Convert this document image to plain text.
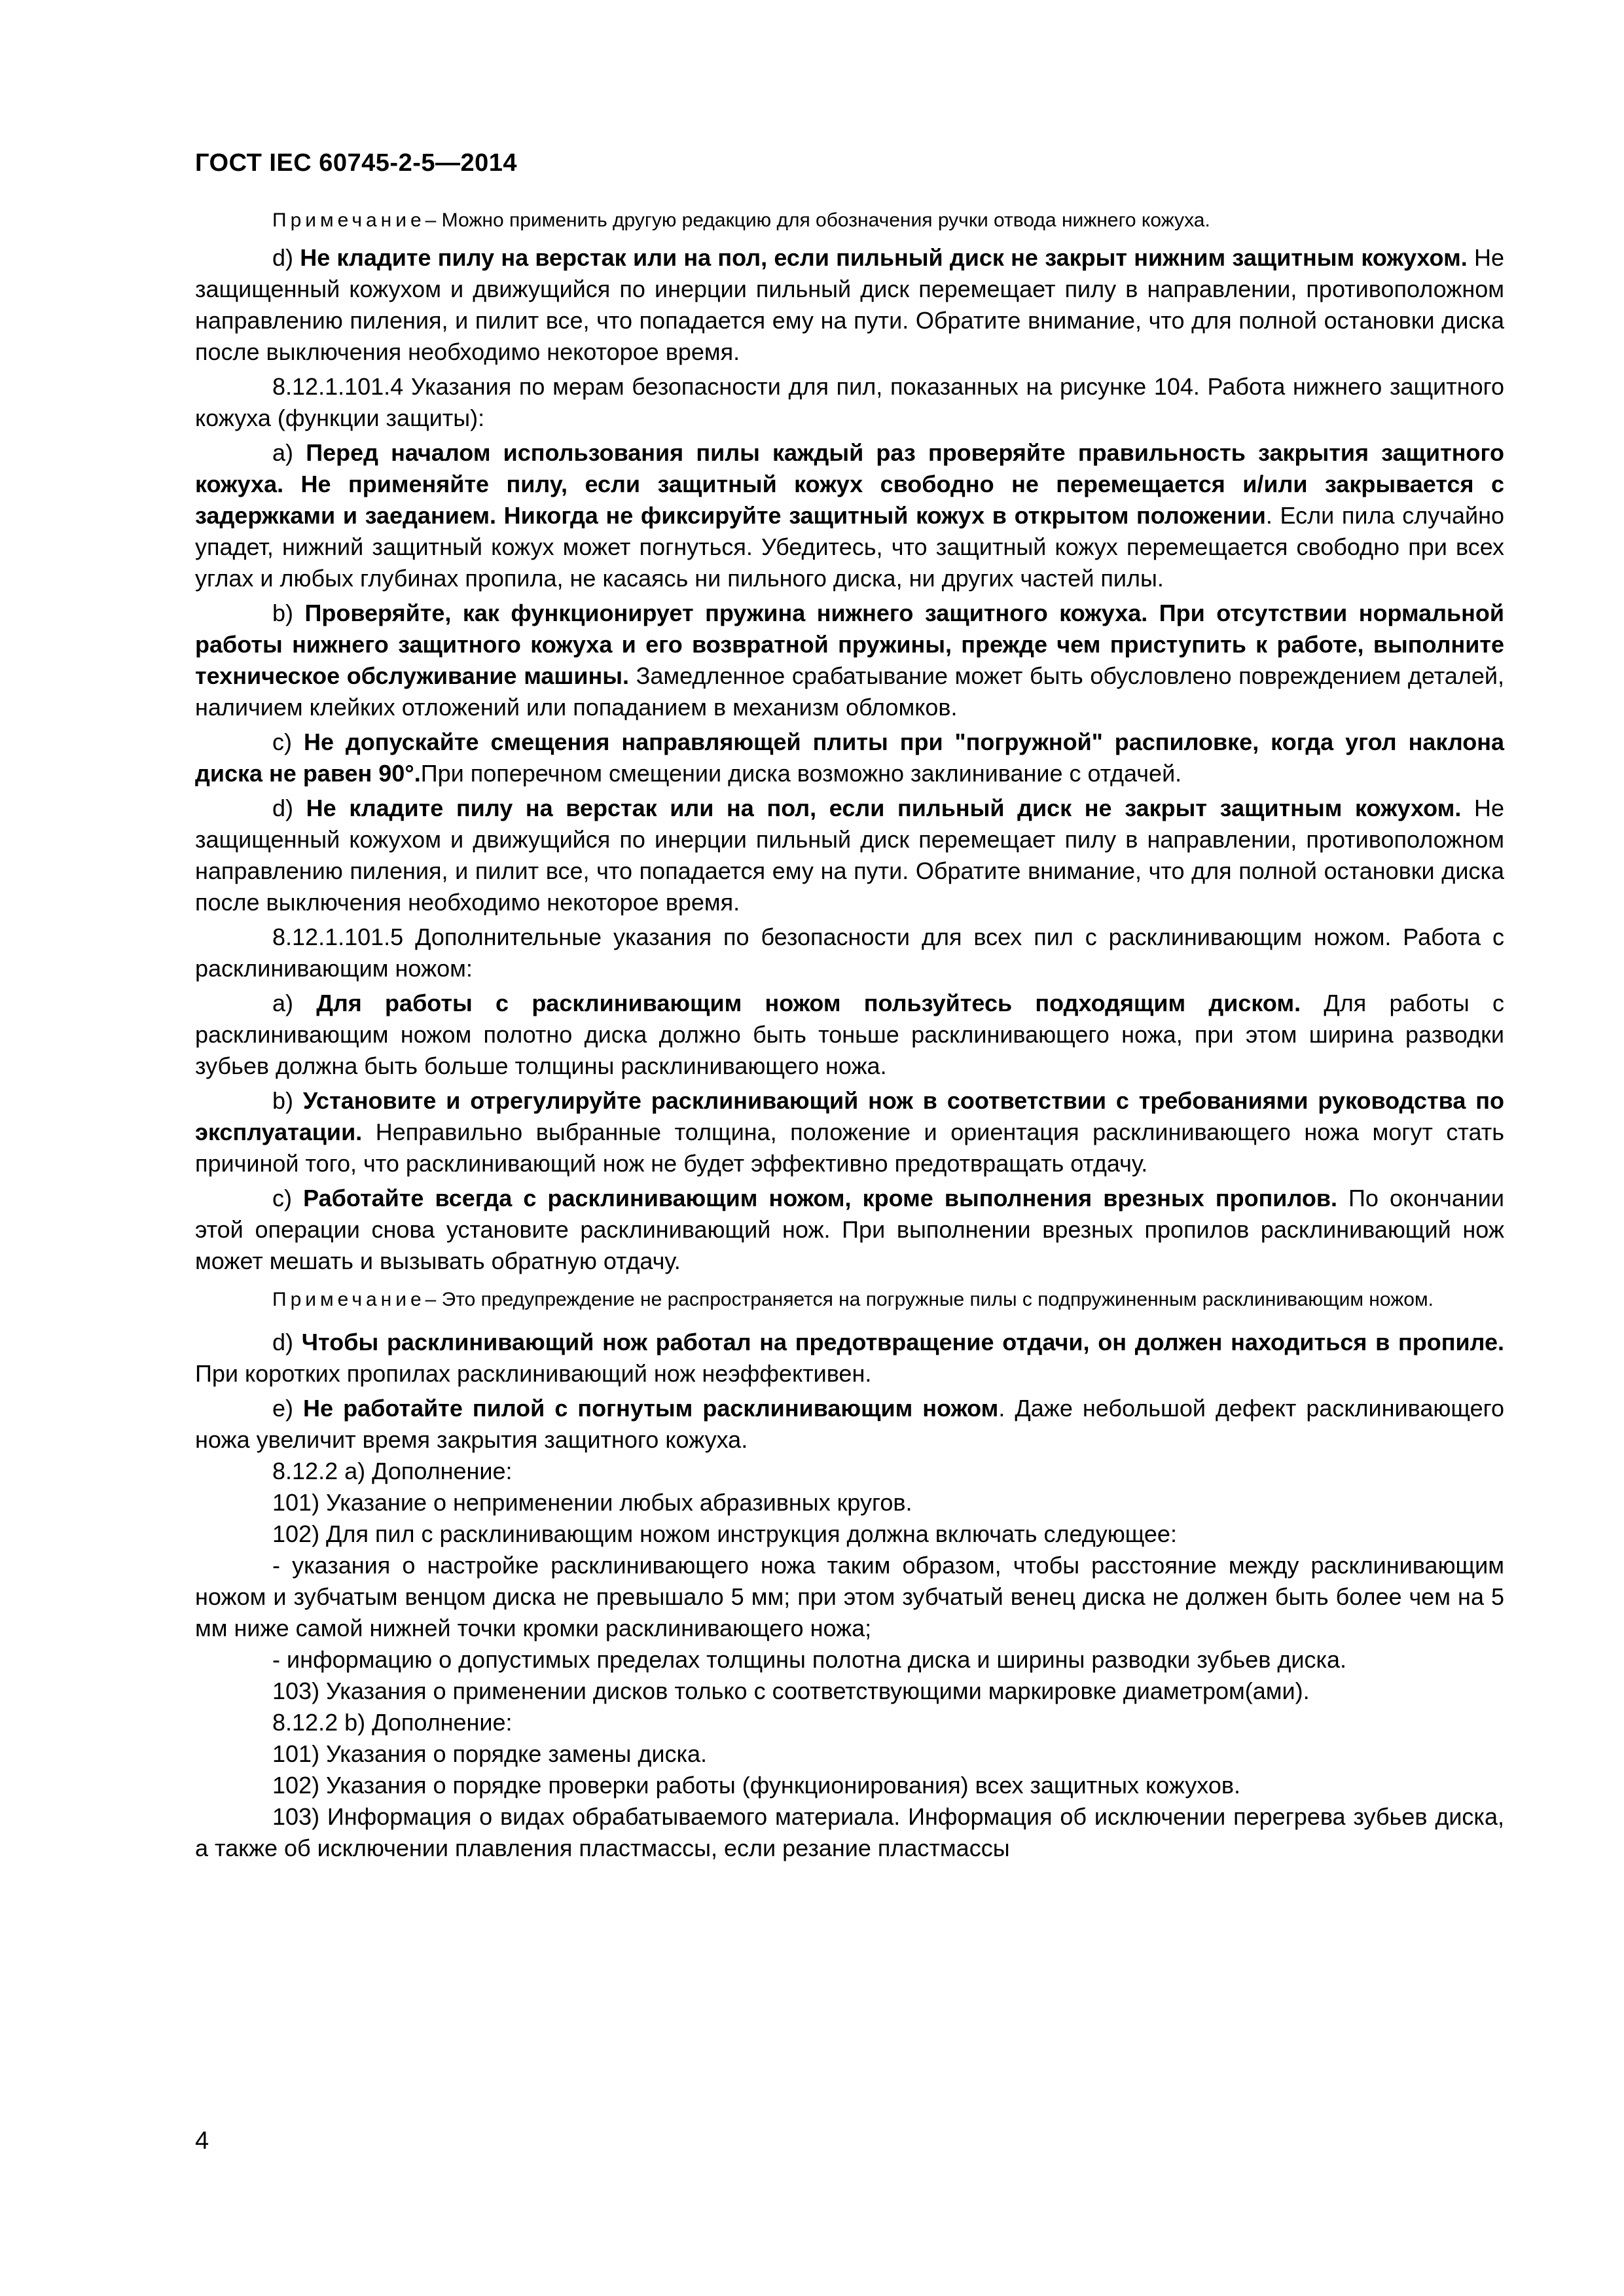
ГОСТ IEC 60745-2-5—2014

Примечание– Можно применить другую редакцию для обозначения ручки отвода нижнего кожуха.

d) Не кладите пилу на верстак или на пол, если пильный диск не закрыт нижним защитным кожухом. Не защищенный кожухом и движущийся по инерции пильный диск перемещает пилу в направлении, противоположном направлению пиления, и пилит все, что попадается ему на пути. Обратите внимание, что для полной остановки диска после выключения необходимо некоторое время.

8.12.1.101.4 Указания по мерам безопасности для пил, показанных на рисунке 104. Работа нижнего защитного кожуха (функции защиты):

a) Перед началом использования пилы каждый раз проверяйте правильность закрытия защитного кожуха. Не применяйте пилу, если защитный кожух свободно не перемещается и/или закрывается с задержками и заеданием. Никогда не фиксируйте защитный кожух в открытом положении. Если пила случайно упадет, нижний защитный кожух может погнуться. Убедитесь, что защитный кожух перемещается свободно при всех углах и любых глубинах пропила, не касаясь ни пильного диска, ни других частей пилы.

b) Проверяйте, как функционирует пружина нижнего защитного кожуха. При отсутствии нормальной работы нижнего защитного кожуха и его возвратной пружины, прежде чем приступить к работе, выполните техническое обслуживание машины. Замедленное срабатывание может быть обусловлено повреждением деталей, наличием клейких отложений или попаданием в механизм обломков.

c) Не допускайте смещения направляющей плиты при "погружной" распиловке, когда угол наклона диска не равен 90°.При поперечном смещении диска возможно заклинивание с отдачей.

d) Не кладите пилу на верстак или на пол, если пильный диск не закрыт защитным кожухом. Не защищенный кожухом и движущийся по инерции пильный диск перемещает пилу в направлении, противоположном направлению пиления, и пилит все, что попадается ему на пути. Обратите внимание, что для полной остановки диска после выключения необходимо некоторое время.

8.12.1.101.5 Дополнительные указания по безопасности для всех пил с расклинивающим ножом. Работа с расклинивающим ножом:

a) Для работы с расклинивающим ножом пользуйтесь подходящим диском. Для работы с расклинивающим ножом полотно диска должно быть тоньше расклинивающего ножа, при этом ширина разводки зубьев должна быть больше толщины расклинивающего ножа.

b) Установите и отрегулируйте расклинивающий нож в соответствии с требованиями руководства по эксплуатации. Неправильно выбранные толщина, положение и ориентация расклинивающего ножа могут стать причиной того, что расклинивающий нож не будет эффективно предотвращать отдачу.

c) Работайте всегда с расклинивающим ножом, кроме выполнения врезных пропилов. По окончании этой операции снова установите расклинивающий нож. При выполнении врезных пропилов расклинивающий нож может мешать и вызывать обратную отдачу.

Примечание– Это предупреждение не распространяется на погружные пилы с подпружиненным расклинивающим ножом.

d) Чтобы расклинивающий нож работал на предотвращение отдачи, он должен находиться в пропиле. При коротких пропилах расклинивающий нож неэффективен.

e) Не работайте пилой с погнутым расклинивающим ножом. Даже небольшой дефект расклинивающего ножа увеличит время закрытия защитного кожуха.

8.12.2 a) Дополнение:

101) Указание о неприменении любых абразивных кругов.

102) Для пил с расклинивающим ножом инструкция должна включать следующее:

- указания о настройке расклинивающего ножа таким образом, чтобы расстояние между расклинивающим ножом и зубчатым венцом диска не превышало 5 мм; при этом зубчатый венец диска не должен быть более чем на 5 мм ниже самой нижней точки кромки расклинивающего ножа;

- информацию о допустимых пределах толщины полотна диска и ширины разводки зубьев диска.

103) Указания о применении дисков только с соответствующими маркировке диаметром(ами).

8.12.2 b) Дополнение:

101) Указания о порядке замены диска.

102) Указания о порядке проверки работы (функционирования) всех защитных кожухов.

103) Информация о видах обрабатываемого материала. Информация об исключении перегрева зубьев диска, а также об исключении плавления пластмассы, если резание пластмассы

4
